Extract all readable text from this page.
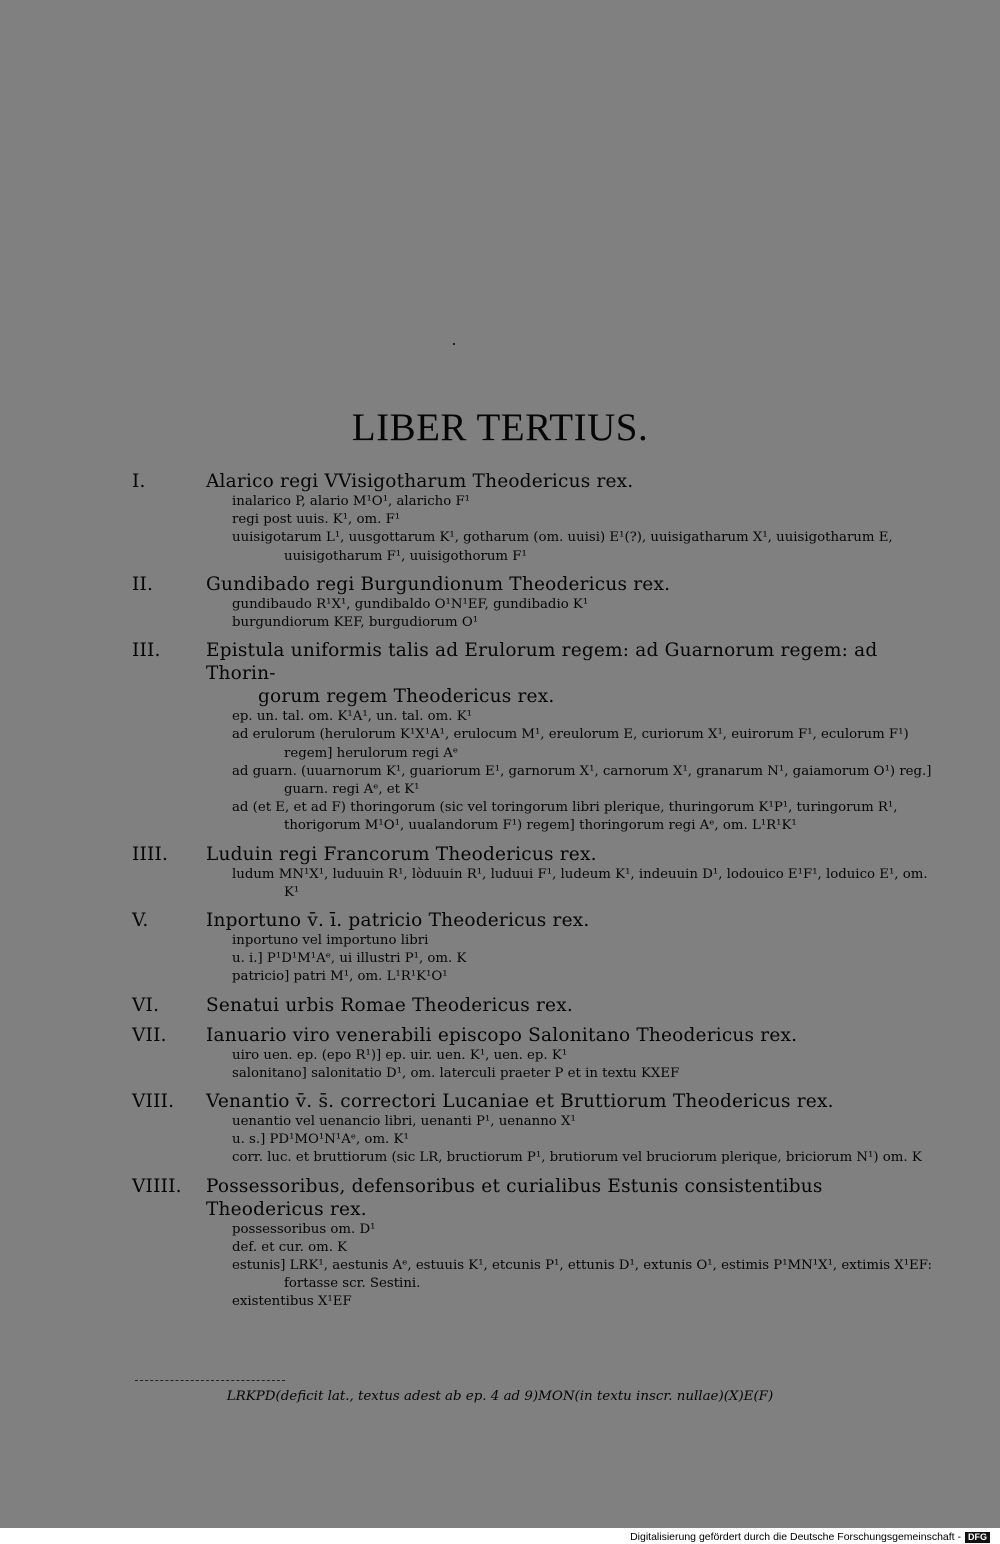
LIBER TERTIUS.
I.	Alarico regi VVisigotharum Theodericus rex.
inalarico P, alario M¹O¹, alaricho F¹
regi post uuis. K¹, om. F¹
uuisigotarum L¹, uusgottarum K¹, gotharum (om. uuisi) E¹(?), uuisigatharum X¹, uuisigotharum E, uuisigotharum F¹, uuisigothorum F¹
II.	Gundibado regi Burgundionum Theodericus rex.
gundibaudo R¹X¹, gundibaldo O¹N¹EF, gundibadio K¹
burgundiorum KEF, burgudiorum O¹
III. Epistula uniformis talis ad Erulorum regem: ad Guarnorum regem: ad Thorin-
gorum regem Theodericus rex.
ep. un. tal. om. K¹A¹, un. tal. om. K¹
ad erulorum (herulorum K¹X¹A¹, erulocum M¹, ereulorum E, curiorum X¹, euirorum F¹, eculorum F¹) regem] herulorum regi Aᵉ
ad guarn. (uuarnorum K¹, guariorum E¹, garnorum X¹, carnorum X¹, granarum N¹, gaiamorum O¹) reg.] guarn. regi Aᵉ, et K¹
ad (et E, et ad F) thoringorum (sic vel toringorum libri plerique, thuringorum K¹P¹, turingorum R¹, thorigorum M¹O¹, uualandorum F¹) regem] thoringorum regi Aᵉ, om. L¹R¹K¹
IIII. Luduin regi Francorum Theodericus rex.
ludum MN¹X¹, luduuin R¹, lòduuin R¹, luduui F¹, ludeum K¹, indeuuin D¹, lodouico E¹F¹, loduico E¹, om. K¹
V.	Inportuno v̄. ī. patricio Theodericus rex.
inportuno vel importuno libri
u. i.] P¹D¹M¹Aᵉ, ui illustri P¹, om. K
patricio] patri M¹, om. L¹R¹K¹O¹
VI.	Senatui urbis Romae Theodericus rex.
VII. Ianuario viro venerabili episcopo Salonitano Theodericus rex.
uiro uen. ep. (epo R¹)] ep. uir. uen. K¹, uen. ep. K¹
salonitano] salonitatio D¹, om. laterculi praeter P et in textu KXEF
VIII. Venantio v̄. s̄. correctori Lucaniae et Bruttiorum Theodericus rex.
uenantio vel uenancio libri, uenanti P¹, uenanno X¹
u. s.] PD¹MO¹N¹Aᵉ, om. K¹
corr. luc. et bruttiorum (sic LR, bructiorum P¹, brutiorum vel bruciorum plerique, briciorum N¹) om. K
VIIII. Possessoribus, defensoribus et curialibus Estunis consistentibus Theodericus rex.
possessoribus om. D¹
def. et cur. om. K
estunis] LRK¹, aestunis Aᵉ, estuuis K¹, etcunis P¹, ettunis D¹, extunis O¹, estimis P¹MN¹X¹, extimis X¹EF: fortasse scr. Sestini.
existentibus X¹EF
LRKPD(deficit lat., textus adest ab ep. 4 ad 9)MON(in textu inscr. nullae)(X)E(F)
Digitalisierung gefördert durch die Deutsche Forschungsgemeinschaft - DFG
